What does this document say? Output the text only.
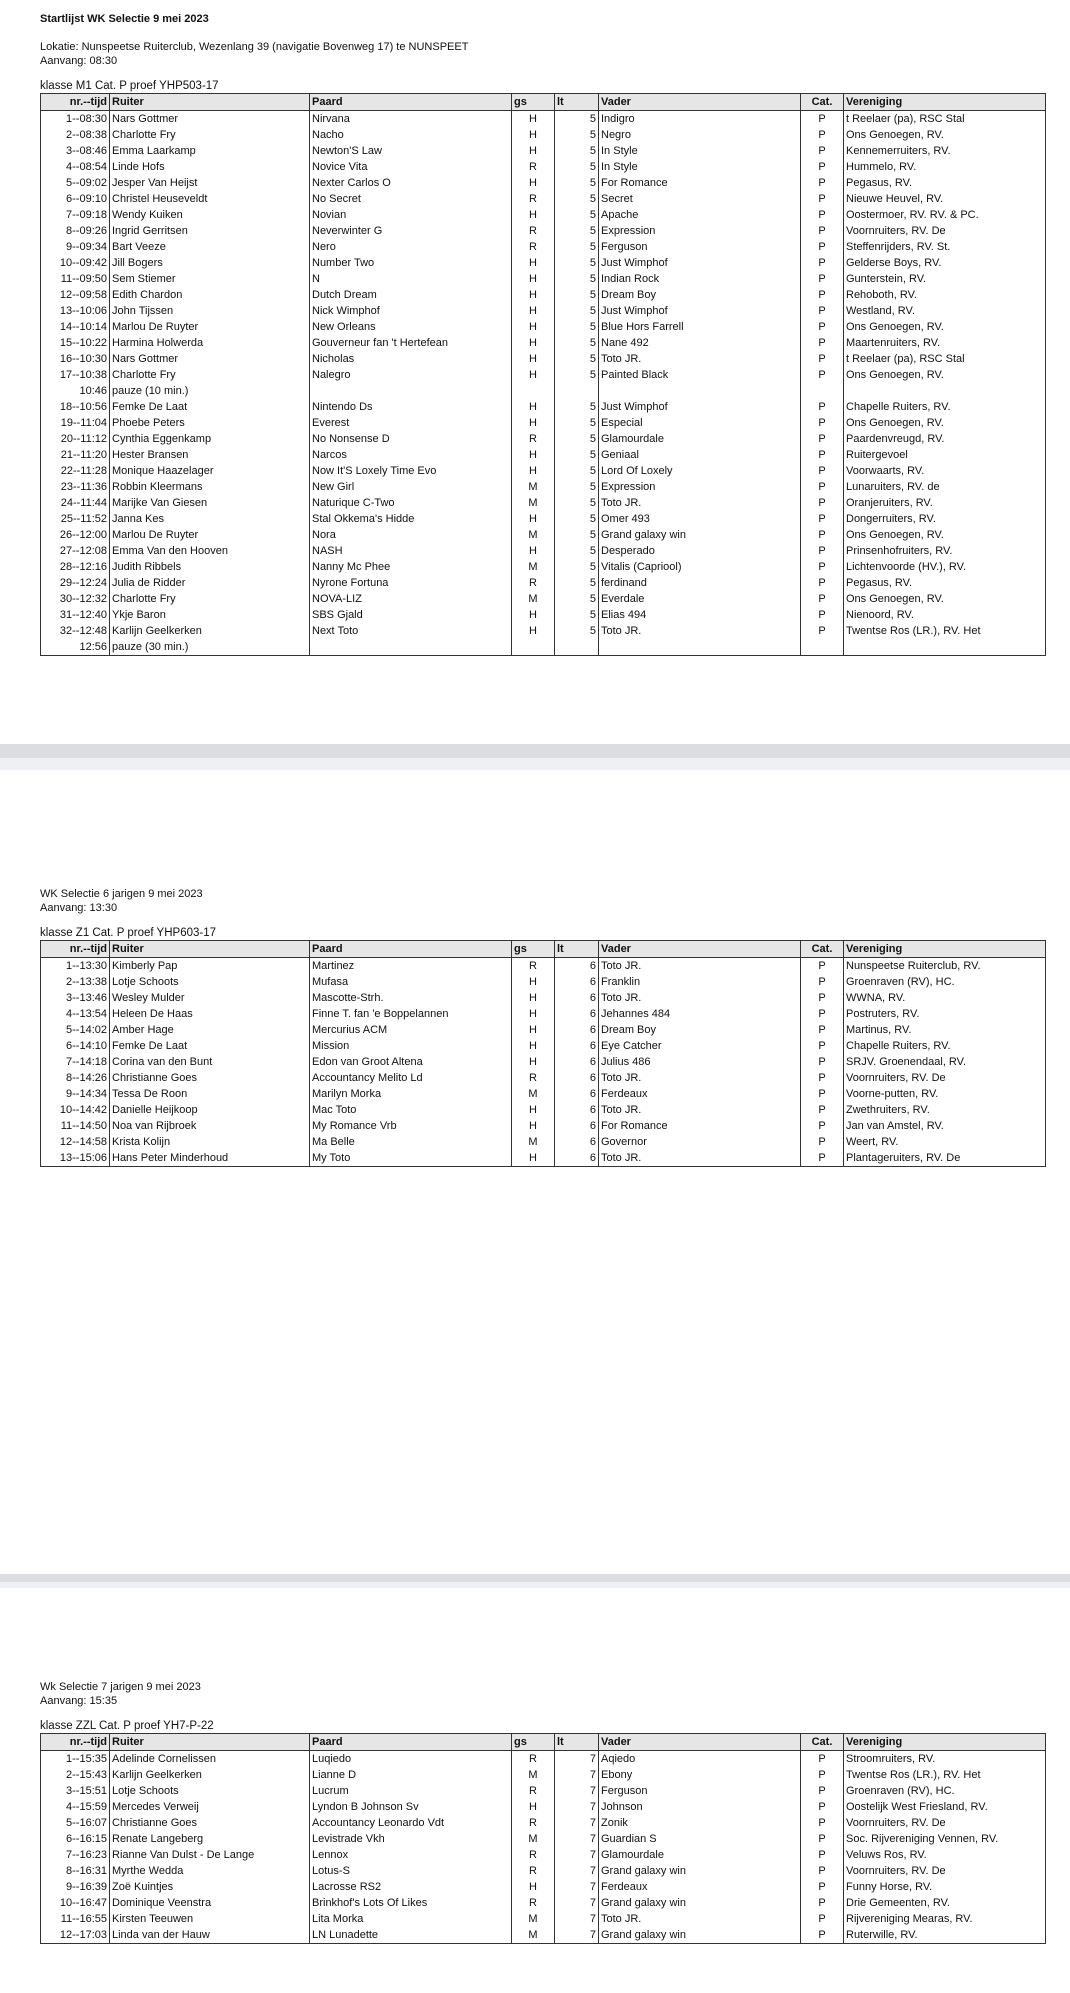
Startlijst WK Selectie 9 mei 2023

Lokatie: Nunspeetse Ruiterclub, Wezenlang 39 (navigatie Bovenweg 17) te NUNSPEET

Aanvang: 08:30

klasse M1 Cat. P proef YHP503-17

nr.--tijd	Ruiter	Paard	gs	lt	Vader	Cat.	Vereniging
1--08:30	Nars Gottmer	Nirvana	H	5	Indigro	P	t Reelaer (pa), RSC Stal
2--08:38	Charlotte Fry	Nacho	H	5	Negro	P	Ons Genoegen, RV.
3--08:46	Emma Laarkamp	Newton'S Law	H	5	In Style	P	Kennemerruiters, RV.
4--08:54	Linde Hofs	Novice Vita	R	5	In Style	P	Hummelo, RV.
5--09:02	Jesper Van Heijst	Nexter Carlos O	H	5	For Romance	P	Pegasus, RV.
6--09:10	Christel Heuseveldt	No Secret	R	5	Secret	P	Nieuwe Heuvel, RV.
7--09:18	Wendy Kuiken	Novian	H	5	Apache	P	Oostermoer, RV. RV. & PC.
8--09:26	Ingrid Gerritsen	Neverwinter G	R	5	Expression	P	Voornruiters, RV. De
9--09:34	Bart Veeze	Nero	R	5	Ferguson	P	Steffenrijders, RV. St.
10--09:42	Jill Bogers	Number Two	H	5	Just Wimphof	P	Gelderse Boys, RV.
11--09:50	Sem Stiemer	N	H	5	Indian Rock	P	Gunterstein, RV.
12--09:58	Edith Chardon	Dutch Dream	H	5	Dream Boy	P	Rehoboth, RV.
13--10:06	John Tijssen	Nick Wimphof	H	5	Just Wimphof	P	Westland, RV.
14--10:14	Marlou De Ruyter	New Orleans	H	5	Blue Hors Farrell	P	Ons Genoegen, RV.
15--10:22	Harmina Holwerda	Gouverneur fan 't Hertefean	H	5	Nane 492	P	Maartenruiters, RV.
16--10:30	Nars Gottmer	Nicholas	H	5	Toto JR.	P	t Reelaer (pa), RSC Stal
17--10:38	Charlotte Fry	Nalegro	H	5	Painted Black	P	Ons Genoegen, RV.
10:46	pauze (10 min.)						
18--10:56	Femke De Laat	Nintendo Ds	H	5	Just Wimphof	P	Chapelle Ruiters, RV.
19--11:04	Phoebe Peters	Everest	H	5	Especial	P	Ons Genoegen, RV.
20--11:12	Cynthia Eggenkamp	No Nonsense D	R	5	Glamourdale	P	Paardenvreugd, RV.
21--11:20	Hester Bransen	Narcos	H	5	Geniaal	P	Ruitergevoel
22--11:28	Monique Haazelager	Now It'S Loxely Time Evo	H	5	Lord Of Loxely	P	Voorwaarts, RV.
23--11:36	Robbin Kleermans	New Girl	M	5	Expression	P	Lunaruiters, RV. de
24--11:44	Marijke Van Giesen	Naturique C-Two	M	5	Toto JR.	P	Oranjeruiters, RV.
25--11:52	Janna Kes	Stal Okkema's Hidde	H	5	Omer 493	P	Dongerruiters, RV.
26--12:00	Marlou De Ruyter	Nora	M	5	Grand galaxy win	P	Ons Genoegen, RV.
27--12:08	Emma Van den Hooven	NASH	H	5	Desperado	P	Prinsenhofruiters, RV.
28--12:16	Judith Ribbels	Nanny Mc Phee	M	5	Vitalis (Capriool)	P	Lichtenvoorde (HV.), RV.
29--12:24	Julia de Ridder	Nyrone Fortuna	R	5	ferdinand	P	Pegasus, RV.
30--12:32	Charlotte Fry	NOVA-LIZ	M	5	Everdale	P	Ons Genoegen, RV.
31--12:40	Ykje Baron	SBS Gjald	H	5	Elias 494	P	Nienoord, RV.
32--12:48	Karlijn Geelkerken	Next Toto	H	5	Toto JR.	P	Twentse Ros (LR.), RV. Het
12:56	pauze (30 min.)						

WK Selectie 6 jarigen 9 mei 2023

Aanvang: 13:30

klasse Z1 Cat. P proef YHP603-17

nr.--tijd	Ruiter	Paard	gs	lt	Vader	Cat.	Vereniging
1--13:30	Kimberly Pap	Martinez	R	6	Toto JR.	P	Nunspeetse Ruiterclub, RV.
2--13:38	Lotje Schoots	Mufasa	H	6	Franklin	P	Groenraven (RV), HC.
3--13:46	Wesley Mulder	Mascotte-Strh.	H	6	Toto JR.	P	WWNA, RV.
4--13:54	Heleen De Haas	Finne T. fan 'e Boppelannen	H	6	Jehannes 484	P	Postruters, RV.
5--14:02	Amber Hage	Mercurius ACM	H	6	Dream Boy	P	Martinus, RV.
6--14:10	Femke De Laat	Mission	H	6	Eye Catcher	P	Chapelle Ruiters, RV.
7--14:18	Corina van den Bunt	Edon van Groot Altena	H	6	Julius 486	P	SRJV. Groenendaal, RV.
8--14:26	Christianne Goes	Accountancy Melito Ld	R	6	Toto JR.	P	Voornruiters, RV. De
9--14:34	Tessa De Roon	Marilyn Morka	M	6	Ferdeaux	P	Voorne-putten, RV.
10--14:42	Danielle Heijkoop	Mac Toto	H	6	Toto JR.	P	Zwethruiters, RV.
11--14:50	Noa van Rijbroek	My Romance Vrb	H	6	For Romance	P	Jan van Amstel, RV.
12--14:58	Krista Kolijn	Ma Belle	M	6	Governor	P	Weert, RV.
13--15:06	Hans Peter Minderhoud	My Toto	H	6	Toto JR.	P	Plantageruiters, RV. De

Wk Selectie 7 jarigen 9 mei 2023

Aanvang: 15:35

klasse ZZL Cat. P proef YH7-P-22

nr.--tijd	Ruiter	Paard	gs	lt	Vader	Cat.	Vereniging
1--15:35	Adelinde Cornelissen	Luqiedo	R	7	Aqiedo	P	Stroomruiters, RV.
2--15:43	Karlijn Geelkerken	Lianne D	M	7	Ebony	P	Twentse Ros (LR.), RV. Het
3--15:51	Lotje Schoots	Lucrum	R	7	Ferguson	P	Groenraven (RV), HC.
4--15:59	Mercedes Verweij	Lyndon B Johnson Sv	H	7	Johnson	P	Oostelijk West Friesland, RV.
5--16:07	Christianne Goes	Accountancy Leonardo Vdt	R	7	Zonik	P	Voornruiters, RV. De
6--16:15	Renate Langeberg	Levistrade Vkh	M	7	Guardian S	P	Soc. Rijvereniging Vennen, RV.
7--16:23	Rianne Van Dulst - De Lange	Lennox	R	7	Glamourdale	P	Veluws Ros, RV.
8--16:31	Myrthe Wedda	Lotus-S	R	7	Grand galaxy win	P	Voornruiters, RV. De
9--16:39	Zoë Kuintjes	Lacrosse RS2	H	7	Ferdeaux	P	Funny Horse, RV.
10--16:47	Dominique Veenstra	Brinkhof's Lots Of Likes	R	7	Grand galaxy win	P	Drie Gemeenten, RV.
11--16:55	Kirsten Teeuwen	Lita Morka	M	7	Toto JR.	P	Rijvereniging Mearas, RV.
12--17:03	Linda van der Hauw	LN Lunadette	M	7	Grand galaxy win	P	Ruterwille, RV.
